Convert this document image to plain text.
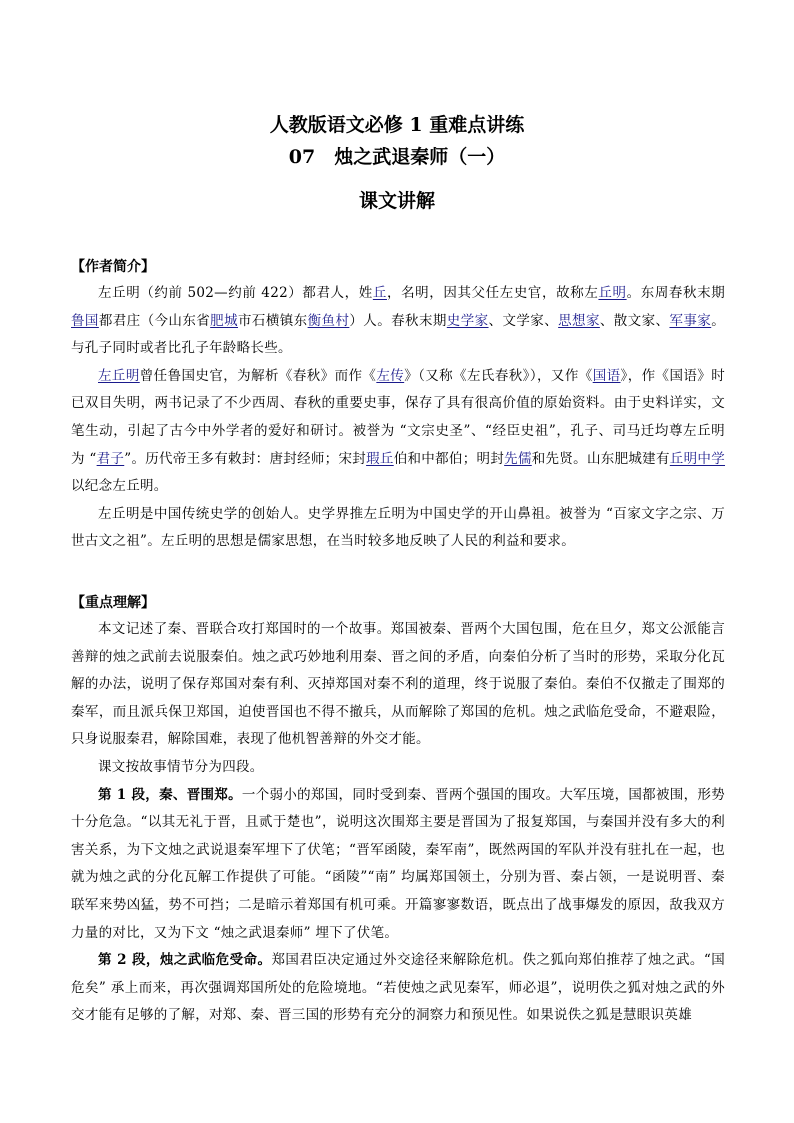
人教版语文必修 1 重难点讲练
07　烛之武退秦师（一）
课文讲解

【作者简介】

左丘明（约前 502—约前 422）都君人，姓丘，名明，因其父任左史官，故称左丘明。东周春秋末期鲁国都君庄（今山东省肥城市石横镇东衡鱼村）人。春秋末期史学家、文学家、思想家、散文家、军事家。与孔子同时或者比孔子年龄略长些。

左丘明曾任鲁国史官，为解析《春秋》而作《左传》（又称《左氏春秋》），又作《国语》，作《国语》时已双目失明，两书记录了不少西周、春秋的重要史事，保存了具有很高价值的原始资料。由于史料详实，文笔生动，引起了古今中外学者的爱好和研讨。被誉为 “文宗史圣”、“经臣史祖”，孔子、司马迁均尊左丘明为 “君子”。历代帝王多有敕封：唐封经师；宋封瑕丘伯和中都伯；明封先儒和先贤。山东肥城建有丘明中学以纪念左丘明。

左丘明是中国传统史学的创始人。史学界推左丘明为中国史学的开山鼻祖。被誉为 “百家文字之宗、万世古文之祖”。左丘明的思想是儒家思想，在当时较多地反映了人民的利益和要求。

【重点理解】

本文记述了秦、晋联合攻打郑国时的一个故事。郑国被秦、晋两个大国包围，危在旦夕，郑文公派能言善辩的烛之武前去说服秦伯。烛之武巧妙地利用秦、晋之间的矛盾，向秦伯分析了当时的形势，采取分化瓦解的办法，说明了保存郑国对秦有利、灭掉郑国对秦不利的道理，终于说服了秦伯。秦伯不仅撤走了围郑的秦军，而且派兵保卫郑国，迫使晋国也不得不撤兵，从而解除了郑国的危机。烛之武临危受命，不避艰险，只身说服秦君，解除国难，表现了他机智善辩的外交才能。

课文按故事情节分为四段。

第 1 段，秦、晋围郑。一个弱小的郑国，同时受到秦、晋两个强国的围攻。大军压境，国都被围，形势十分危急。“以其无礼于晋，且贰于楚也”，说明这次围郑主要是晋国为了报复郑国，与秦国并没有多大的利害关系，为下文烛之武说退秦军埋下了伏笔；“晋军函陵，秦军南”，既然两国的军队并没有驻扎在一起，也就为烛之武的分化瓦解工作提供了可能。“函陵”“南” 均属郑国领土，分别为晋、秦占领，一是说明晋、秦联军来势凶猛，势不可挡；二是暗示着郑国有机可乘。开篇寥寥数语，既点出了战事爆发的原因，敌我双方力量的对比，又为下文 “烛之武退秦师” 埋下了伏笔。

第 2 段，烛之武临危受命。郑国君臣决定通过外交途径来解除危机。佚之狐向郑伯推荐了烛之武。“国危矣” 承上而来，再次强调郑国所处的危险境地。“若使烛之武见秦军，师必退”，说明佚之狐对烛之武的外交才能有足够的了解，对郑、秦、晋三国的形势有充分的洞察力和预见性。如果说佚之狐是慧眼识英雄
